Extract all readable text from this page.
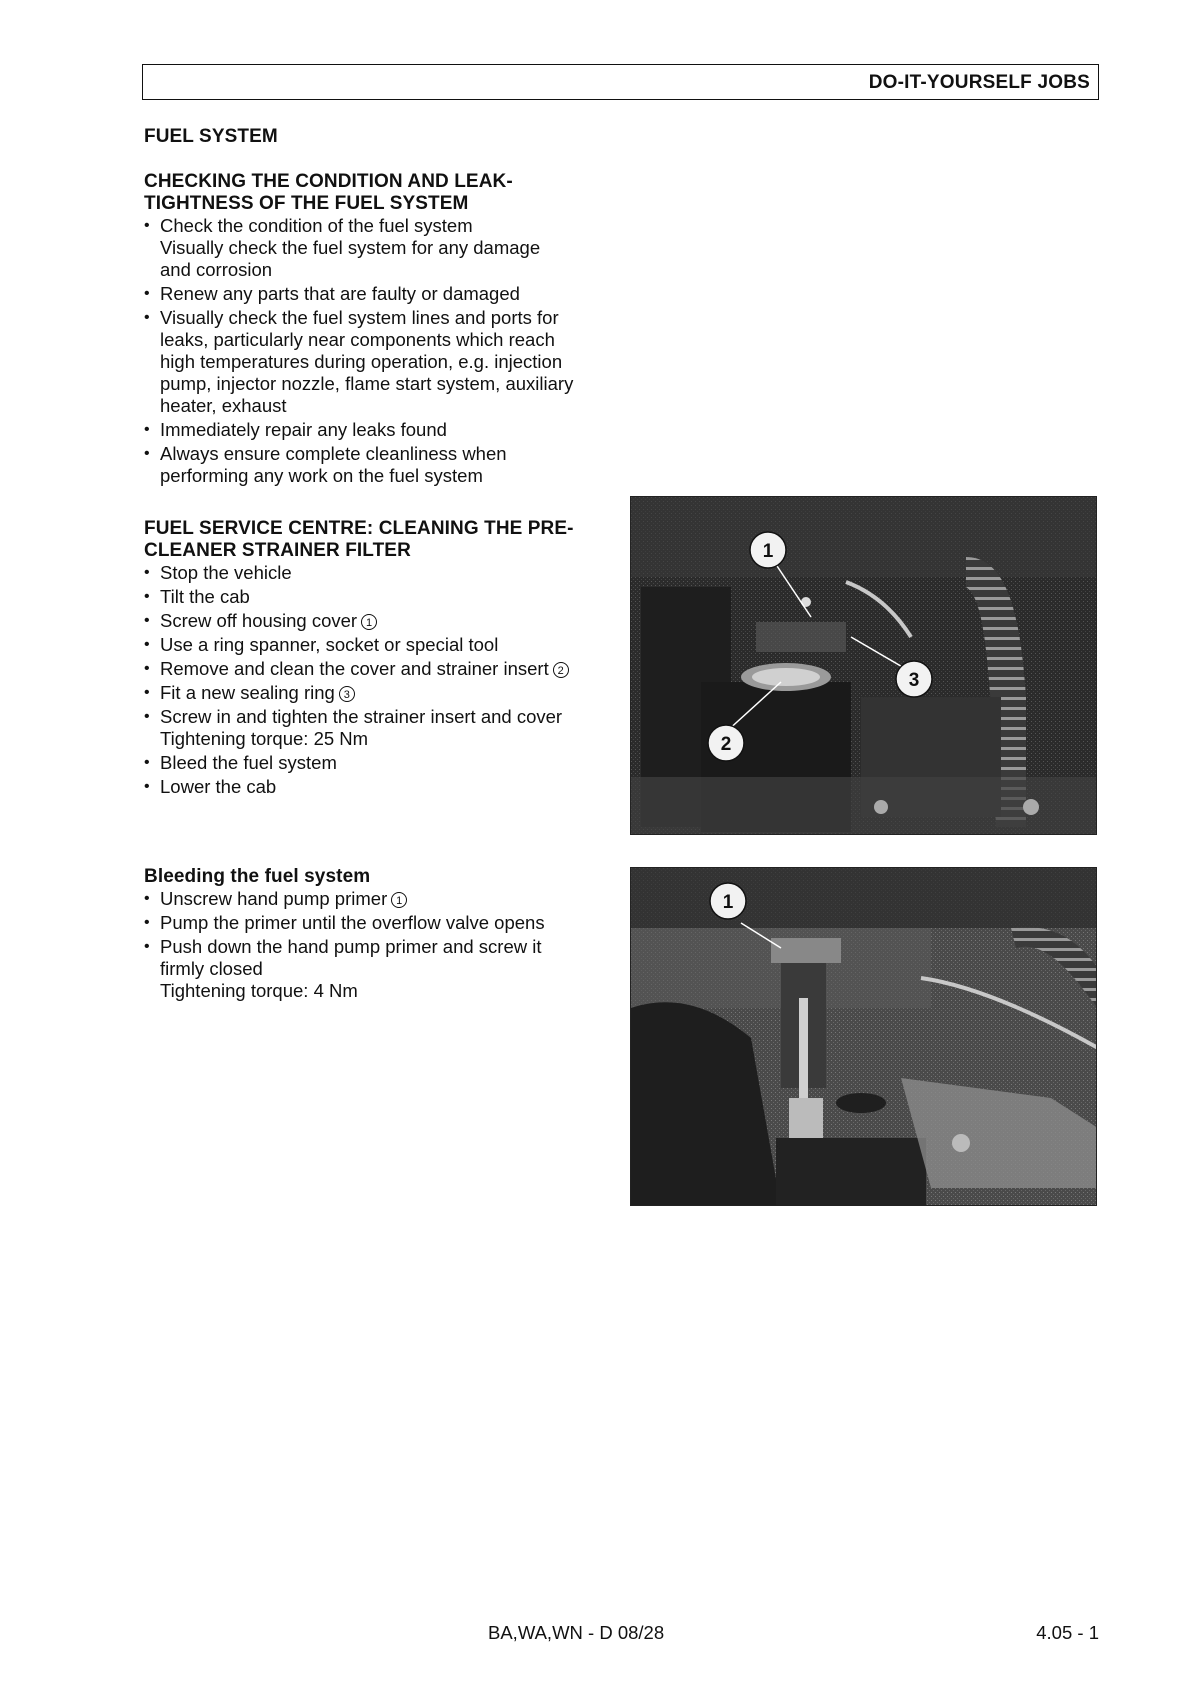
DO-IT-YOURSELF JOBS
FUEL SYSTEM
CHECKING THE CONDITION AND LEAK-
TIGHTNESS OF THE FUEL SYSTEM
• Check the condition of the fuel system
Visually check the fuel system for any damage
and corrosion
• Renew any parts that are faulty or damaged
• Visually check the fuel system lines and ports for
leaks, particularly near components which reach
high temperatures during operation, e.g. injection
pump, injector nozzle, flame start system, auxiliary
heater, exhaust
• Immediately repair any leaks found
• Always ensure complete cleanliness when
performing any work on the fuel system
FUEL SERVICE CENTRE: CLEANING THE PRE-
CLEANER STRAINER FILTER
• Stop the vehicle
• Tilt the cab
• Screw off housing cover 1
• Use a ring spanner, socket or special tool
• Remove and clean the cover and strainer insert 2
• Fit a new sealing ring 3
• Screw in and tighten the strainer insert and cover
Tightening torque: 25 Nm
• Bleed the fuel system
• Lower the cab
Bleeding the fuel system
• Unscrew hand pump primer 1
• Pump the primer until the overflow valve opens
• Push down the hand pump primer and screw it
firmly closed
Tightening torque: 4 Nm
1
3
2
1
BA,WA,WN - D 08/28	4.05 - 1
